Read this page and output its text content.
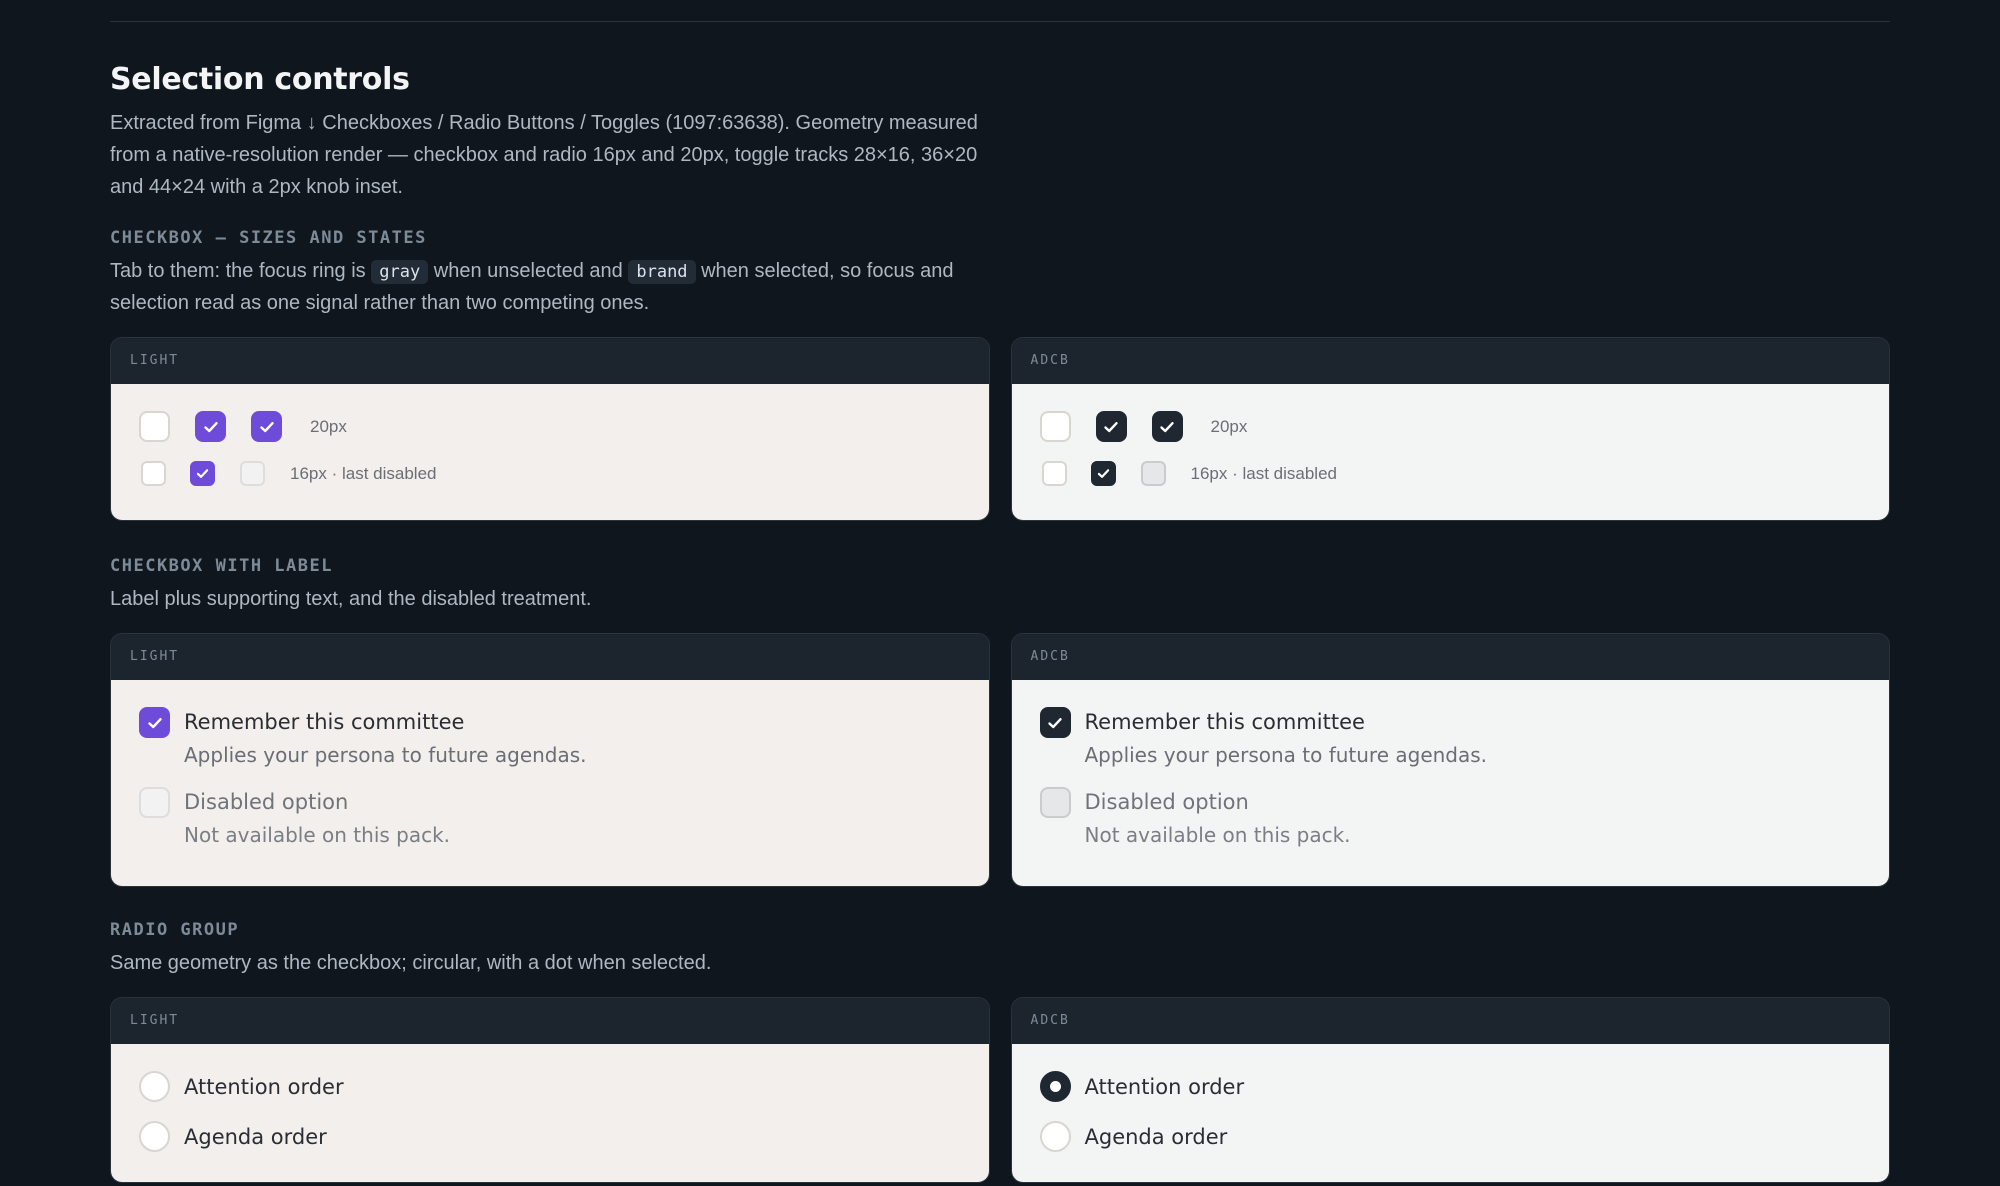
Selection controls

Extracted from Figma ↓ Checkboxes / Radio Buttons / Toggles (1097:63638). Geometry measured from a native-resolution render — checkbox and radio 16px and 20px, toggle tracks 28×16, 36×20 and 44×24 with a 2px knob inset.

CHECKBOX — SIZES AND STATES

Tab to them: the focus ring is gray when unselected and brand when selected, so focus and selection read as one signal rather than two competing ones.

LIGHT
20px
16px · last disabled
ADCB
20px
16px · last disabled
CHECKBOX WITH LABEL

Label plus supporting text, and the disabled treatment.

LIGHT
Remember this committee
Applies your persona to future agendas.
Disabled option
Not available on this pack.
ADCB
Remember this committee
Applies your persona to future agendas.
Disabled option
Not available on this pack.
RADIO GROUP

Same geometry as the checkbox; circular, with a dot when selected.

LIGHT
Attention order
Agenda order
ADCB
Attention order
Agenda order
